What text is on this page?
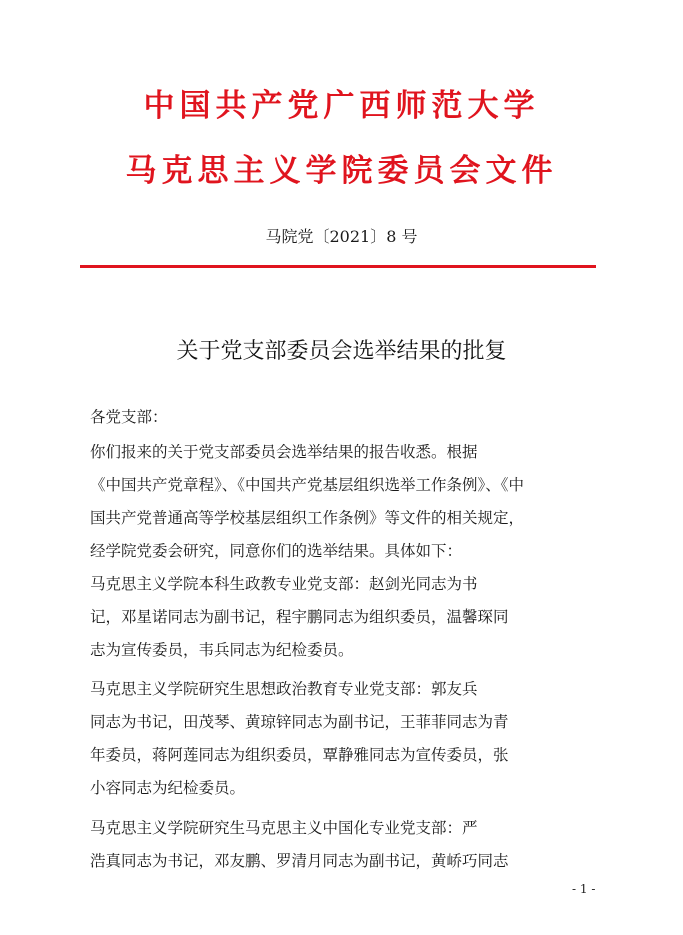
中国共产党广西师范大学
马克思主义学院委员会文件
马院党〔2021〕8 号
关于党支部委员会选举结果的批复
各党支部：
你们报来的关于党支部委员会选举结果的报告收悉。根据
《中国共产党章程》、《中国共产党基层组织选举工作条例》、《中
国共产党普通高等学校基层组织工作条例》等文件的相关规定，
经学院党委会研究，同意你们的选举结果。具体如下：
马克思主义学院本科生政教专业党支部：赵剑光同志为书
记，邓星诺同志为副书记，程宇鹏同志为组织委员，温馨琛同
志为宣传委员，韦兵同志为纪检委员。
马克思主义学院研究生思想政治教育专业党支部：郭友兵
同志为书记，田茂琴、黄琼锌同志为副书记，王菲菲同志为青
年委员，蒋阿莲同志为组织委员，覃静雅同志为宣传委员，张
小容同志为纪检委员。
马克思主义学院研究生马克思主义中国化专业党支部：严
浩真同志为书记，邓友鹏、罗清月同志为副书记，黄峤巧同志
- 1 -
